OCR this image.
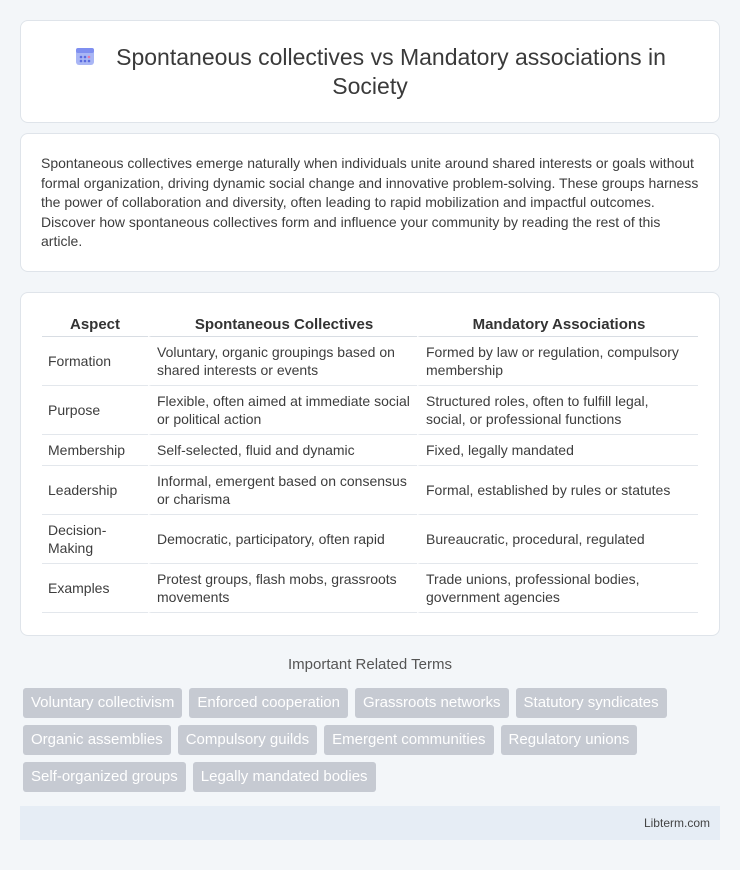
Spontaneous collectives vs Mandatory associations in Society

Spontaneous collectives emerge naturally when individuals unite around shared interests or goals without formal organization, driving dynamic social change and innovative problem-solving. These groups harness the power of collaboration and diversity, often leading to rapid mobilization and impactful outcomes. Discover how spontaneous collectives form and influence your community by reading the rest of this article.

Aspect	Spontaneous Collectives	Mandatory Associations
Formation	Voluntary, organic groupings based on shared interests or events	Formed by law or regulation, compulsory membership
Purpose	Flexible, often aimed at immediate social or political action	Structured roles, often to fulfill legal, social, or professional functions
Membership	Self-selected, fluid and dynamic	Fixed, legally mandated
Leadership	Informal, emergent based on consensus or charisma	Formal, established by rules or statutes
Decision-Making	Democratic, participatory, often rapid	Bureaucratic, procedural, regulated
Examples	Protest groups, flash mobs, grassroots movements	Trade unions, professional bodies, government agencies
Important Related Terms
Voluntary collectivism	Enforced cooperation	Grassroots networks	Statutory syndicates
Organic assemblies	Compulsory guilds	Emergent communities	Regulatory unions
Self-organized groups	Legally mandated bodies
Libterm.com
